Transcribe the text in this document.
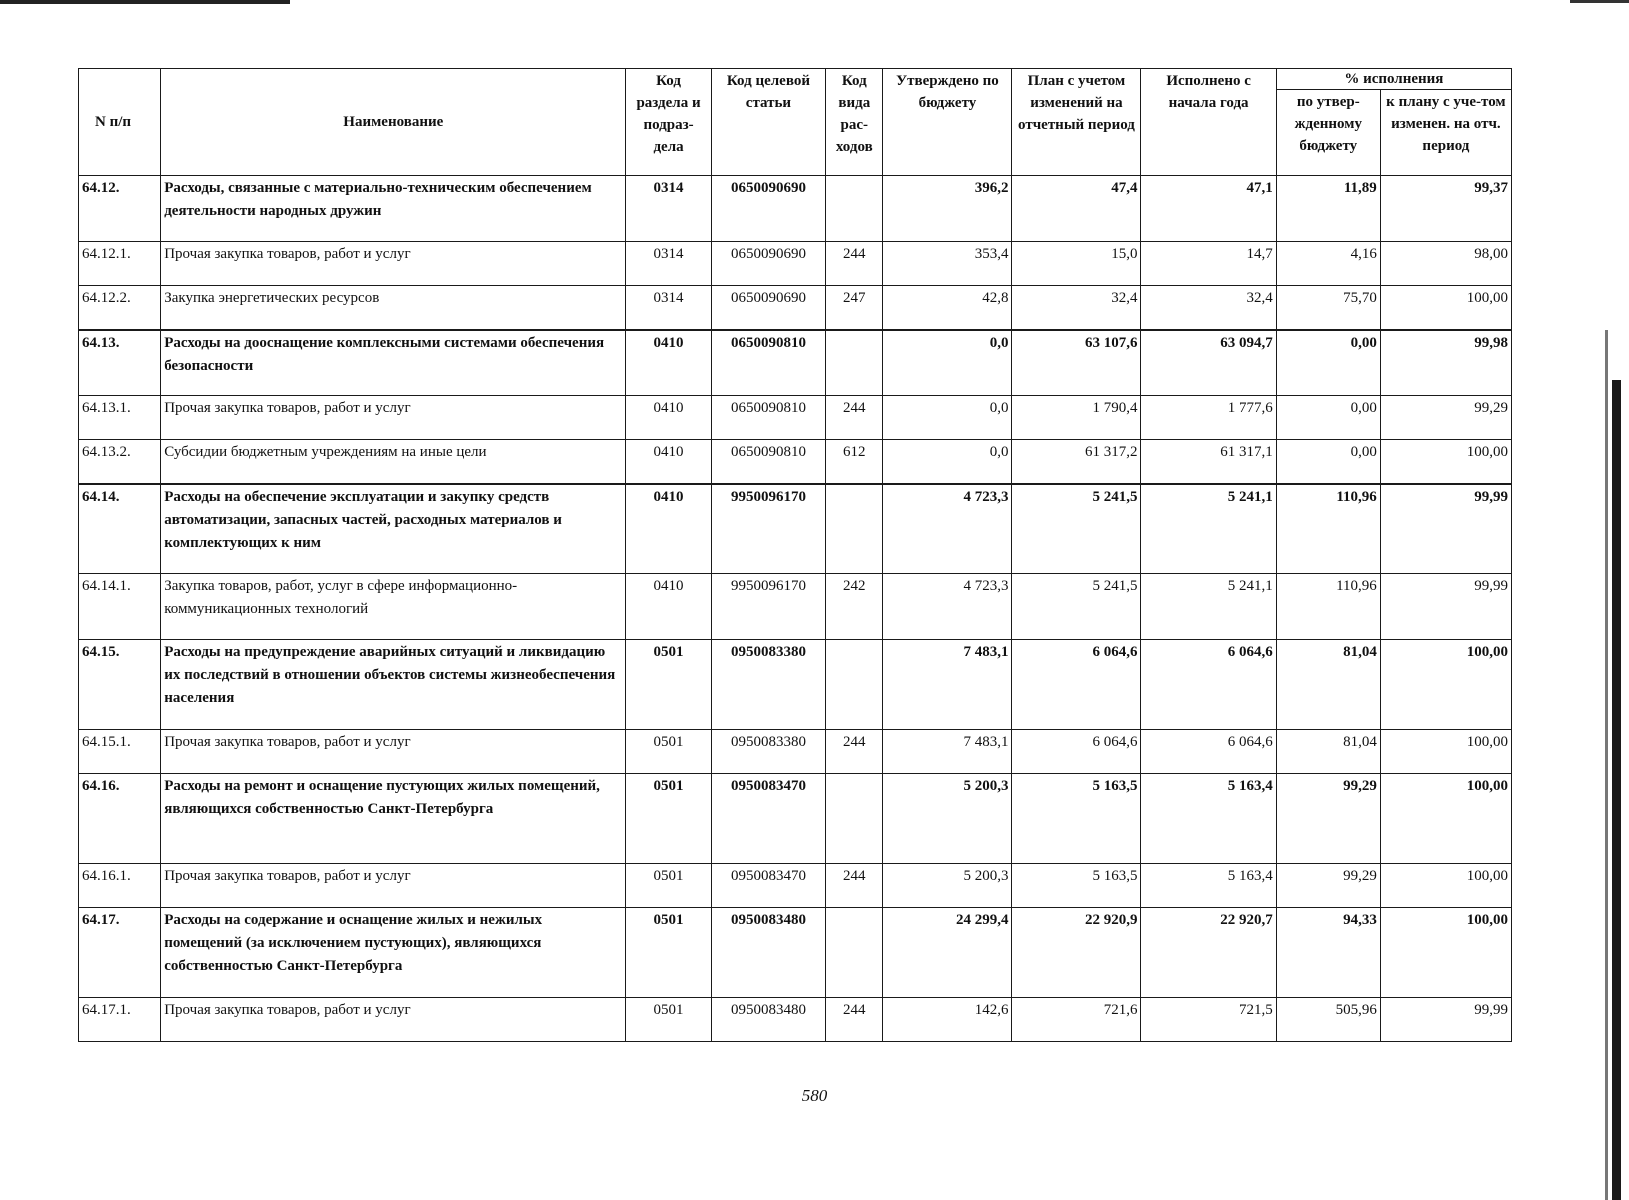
N п/п	Наименование	Код раздела и подраз-дела	Код целевой статьи	Код вида рас-ходов	Утверждено по бюджету	План с учетом изменений на отчетный период	Исполнено с начала года	% исполнения	
								по утвер-жденному бюджету	к плану с уче-том изменен. на отч. период
64.12.	Расходы, связанные с материально-техническим обеспечением деятельности народных дружин	0314	0650090690		396,2	47,4	47,1	11,89	99,37
64.12.1.	Прочая закупка товаров, работ и услуг	0314	0650090690	244	353,4	15,0	14,7	4,16	98,00
64.12.2.	Закупка энергетических ресурсов	0314	0650090690	247	42,8	32,4	32,4	75,70	100,00
64.13.	Расходы на дооснащение комплексными системами обеспечения безопасности	0410	0650090810		0,0	63 107,6	63 094,7	0,00	99,98
64.13.1.	Прочая закупка товаров, работ и услуг	0410	0650090810	244	0,0	1 790,4	1 777,6	0,00	99,29
64.13.2.	Субсидии бюджетным учреждениям на иные цели	0410	0650090810	612	0,0	61 317,2	61 317,1	0,00	100,00
64.14.	Расходы на обеспечение эксплуатации и закупку средств автоматизации, запасных частей, расходных материалов и комплектующих к ним	0410	9950096170		4 723,3	5 241,5	5 241,1	110,96	99,99
64.14.1.	Закупка товаров, работ, услуг в сфере информационно-коммуникационных технологий	0410	9950096170	242	4 723,3	5 241,5	5 241,1	110,96	99,99
64.15.	Расходы на предупреждение аварийных ситуаций и ликвидацию их последствий в отношении объектов системы жизнеобеспечения населения	0501	0950083380		7 483,1	6 064,6	6 064,6	81,04	100,00
64.15.1.	Прочая закупка товаров, работ и услуг	0501	0950083380	244	7 483,1	6 064,6	6 064,6	81,04	100,00
64.16.	Расходы на ремонт и оснащение пустующих жилых помещений, являющихся собственностью Санкт-Петербурга	0501	0950083470		5 200,3	5 163,5	5 163,4	99,29	100,00
64.16.1.	Прочая закупка товаров, работ и услуг	0501	0950083470	244	5 200,3	5 163,5	5 163,4	99,29	100,00
64.17.	Расходы на содержание и оснащение жилых и нежилых помещений (за исключением пустующих), являющихся собственностью Санкт-Петербурга	0501	0950083480		24 299,4	22 920,9	22 920,7	94,33	100,00
64.17.1.	Прочая закупка товаров, работ и услуг	0501	0950083480	244	142,6	721,6	721,5	505,96	99,99
580
